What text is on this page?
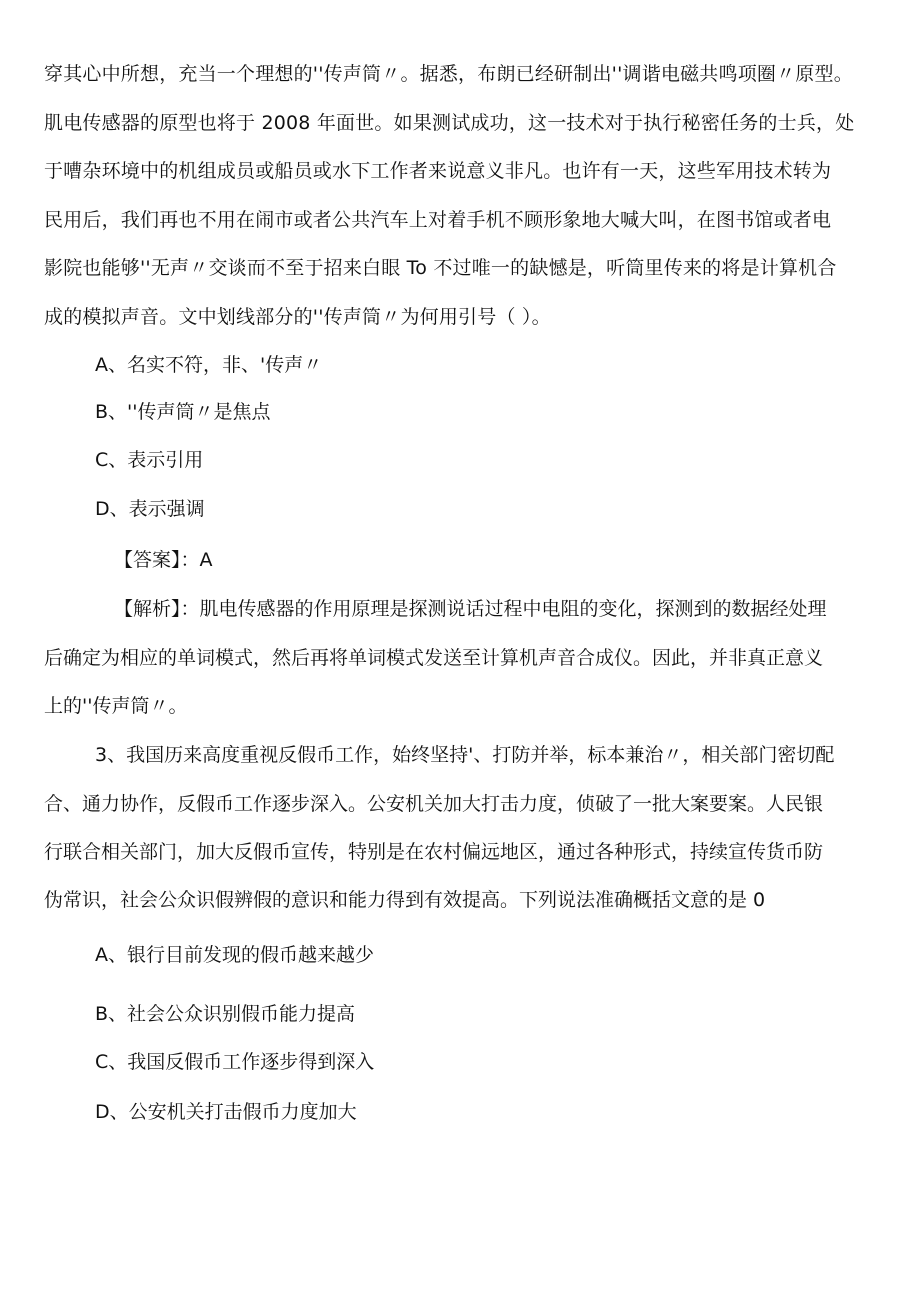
穿其心中所想，充当一个理想的''传声筒〃。据悉，布朗已经研制出''调谐电磁共鸣项圈〃原型。
肌电传感器的原型也将于 2008 年面世。如果测试成功，这一技术对于执行秘密任务的士兵，处
于嘈杂环境中的机组成员或船员或水下工作者来说意义非凡。也许有一天，这些军用技术转为
民用后，我们再也不用在闹市或者公共汽车上对着手机不顾形象地大喊大叫，在图书馆或者电
影院也能够''无声〃交谈而不至于招来白眼 To 不过唯一的缺憾是，听筒里传来的将是计算机合
成的模拟声音。文中划线部分的''传声筒〃为何用引号（ ）。
A、名实不符，非、'传声〃
B、''传声筒〃是焦点
C、表示引用
D、表示强调
【答案】：A
【解析】：肌电传感器的作用原理是探测说话过程中电阻的变化，探测到的数据经处理
后确定为相应的单词模式，然后再将单词模式发送至计算机声音合成仪。因此，并非真正意义
上的''传声筒〃。
3、我国历来高度重视反假币工作，始终坚持'、打防并举，标本兼治〃，相关部门密切配
合、通力协作，反假币工作逐步深入。公安机关加大打击力度，侦破了一批大案要案。人民银
行联合相关部门，加大反假币宣传，特别是在农村偏远地区，通过各种形式，持续宣传货币防
伪常识，社会公众识假辨假的意识和能力得到有效提高。下列说法准确概括文意的是 0
A、银行目前发现的假币越来越少
B、社会公众识别假币能力提高
C、我国反假币工作逐步得到深入
D、公安机关打击假币力度加大
